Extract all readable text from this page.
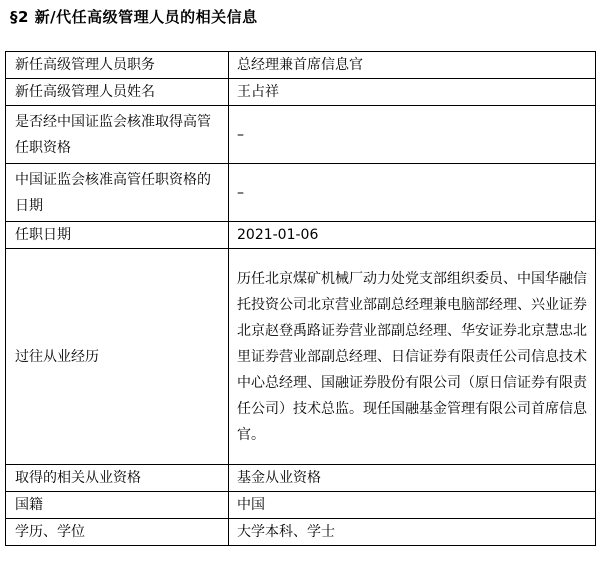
§2 新/代任高级管理人员的相关信息
新任高级管理人员职务	总经理兼首席信息官
新任高级管理人员姓名	王占祥
是否经中国证监会核准取得高管任职资格	–
中国证监会核准高管任职资格的日期	–
任职日期	2021-01-06
过往从业经历	历任北京煤矿机械厂动力处党支部组织委员、中国华融信托投资公司北京营业部副总经理兼电脑部经理、兴业证券北京赵登禹路证券营业部副总经理、华安证券北京慧忠北里证券营业部副总经理、日信证券有限责任公司信息技术中心总经理、国融证券股份有限公司（原日信证券有限责任公司）技术总监。现任国融基金管理有限公司首席信息官。
取得的相关从业资格	基金从业资格
国籍	中国
学历、学位	大学本科、学士
